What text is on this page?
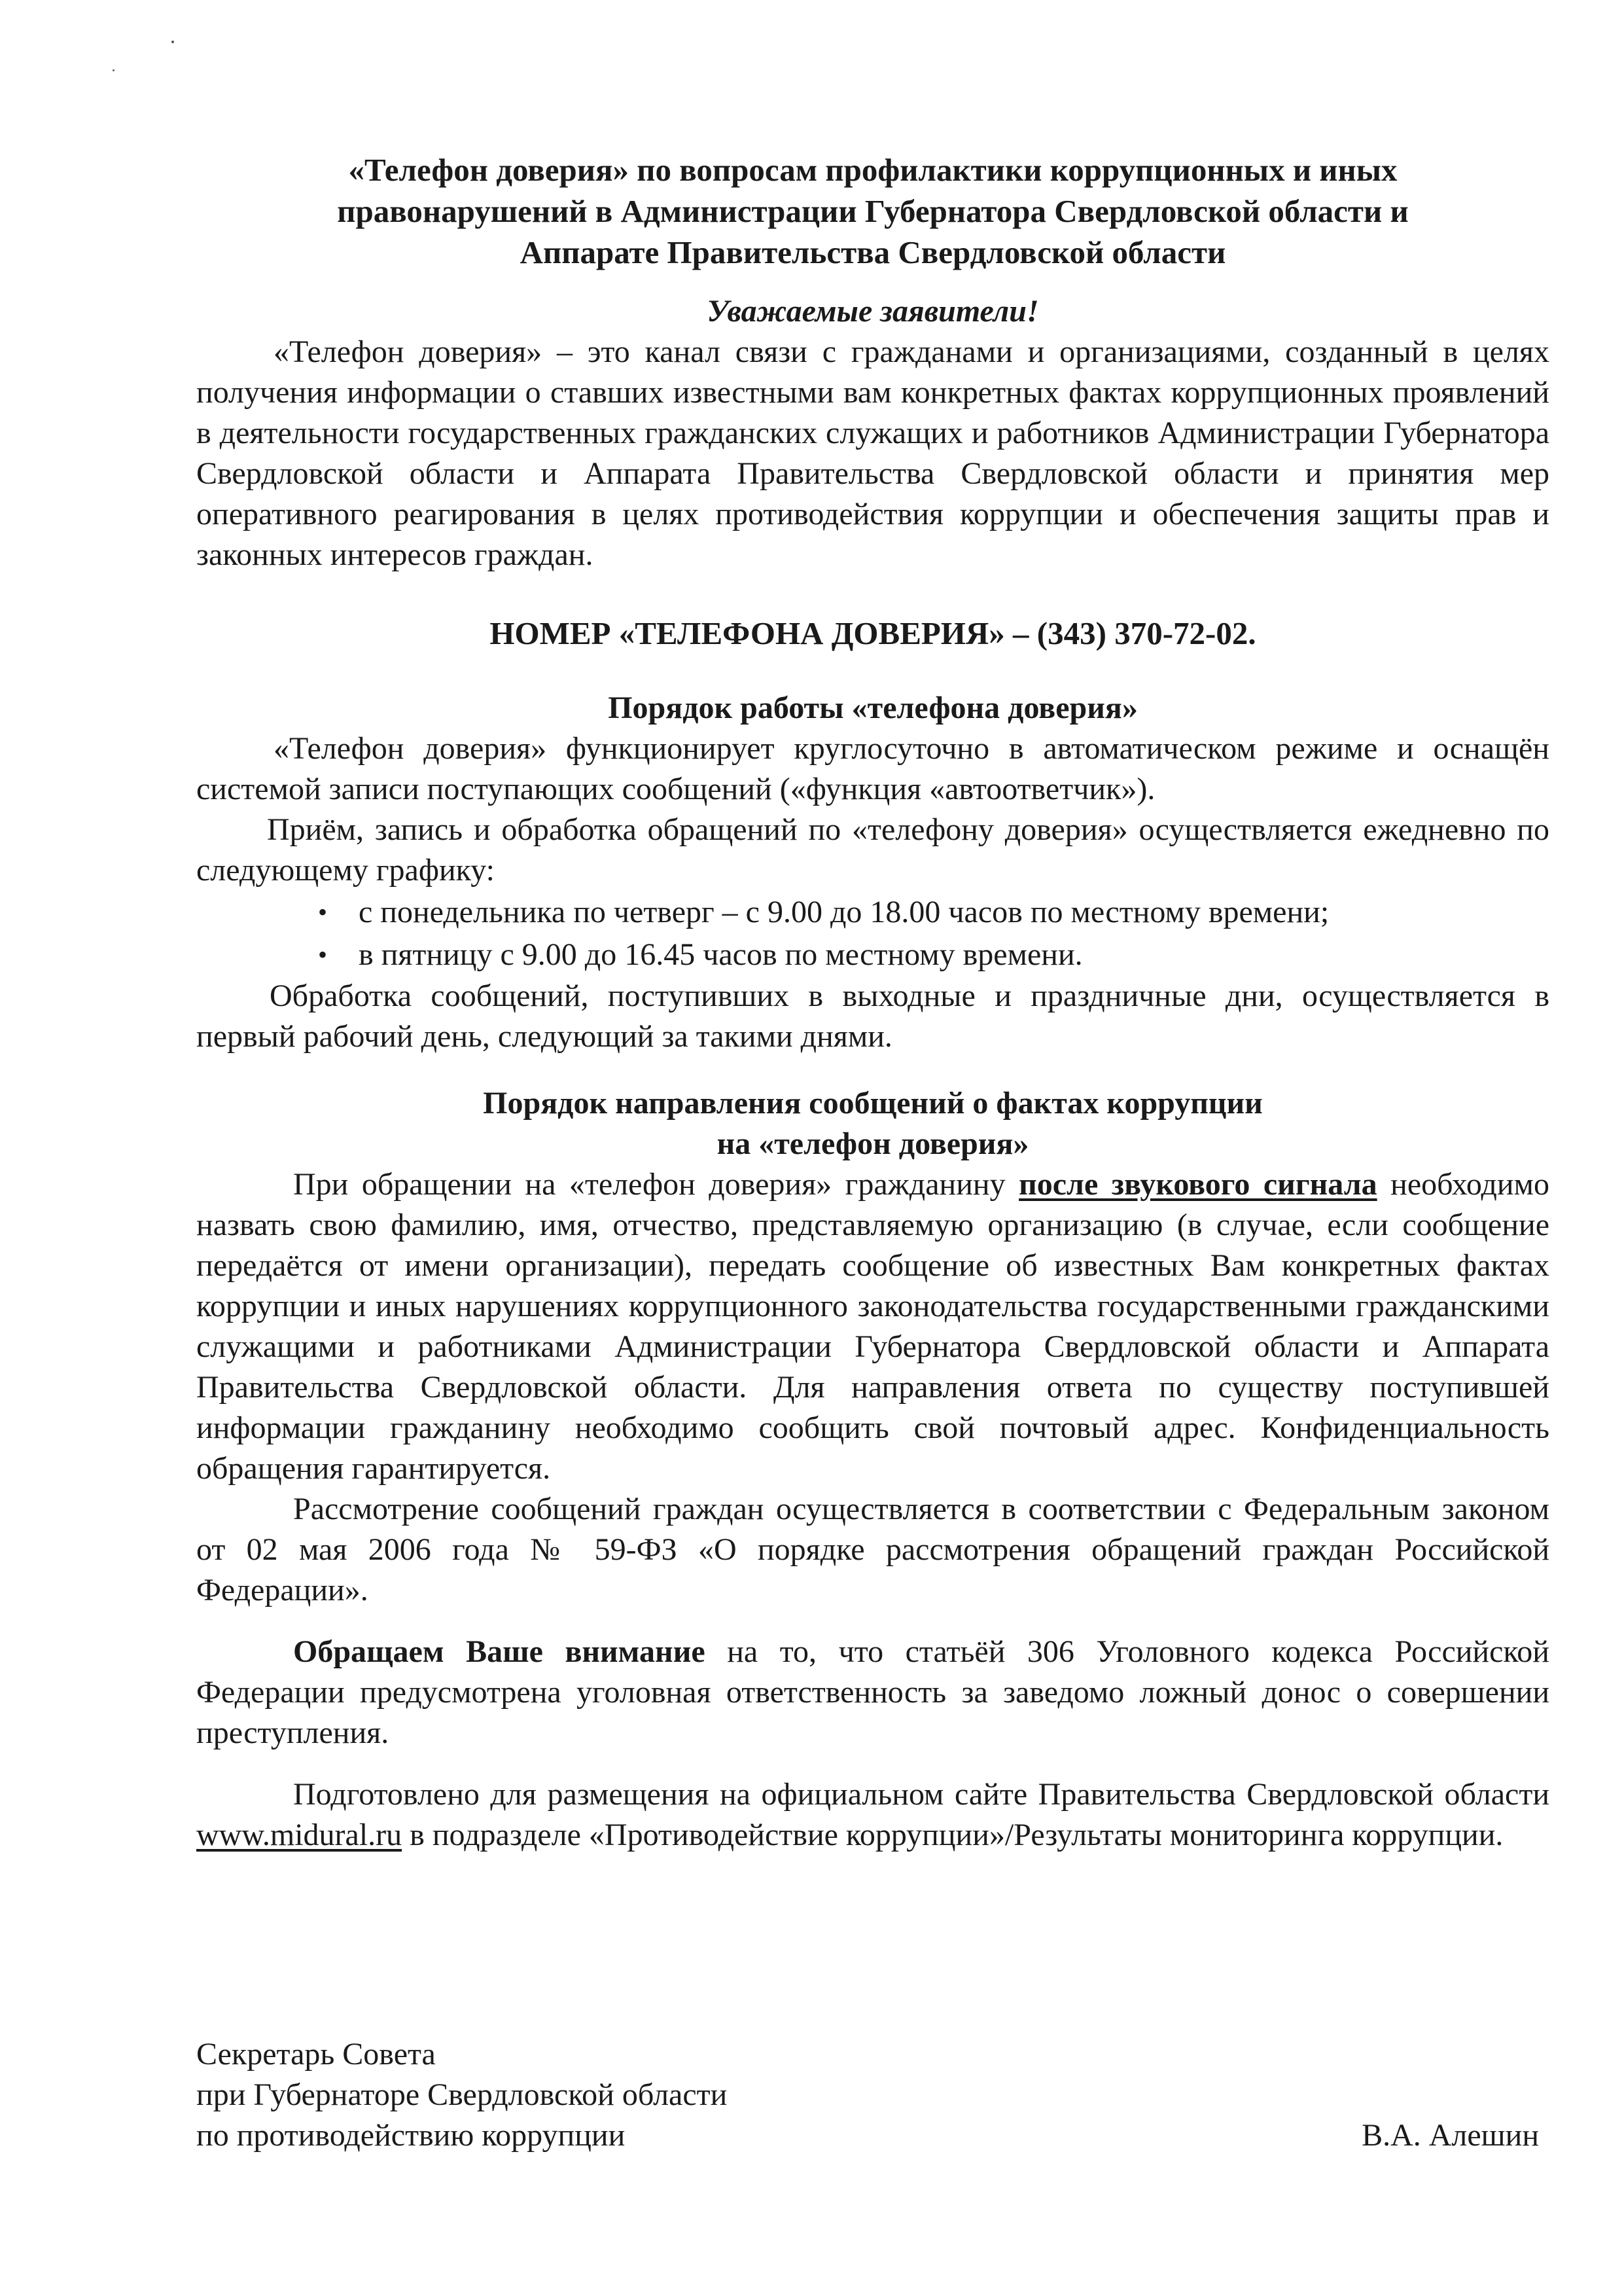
«Телефон доверия» по вопросам профилактики коррупционных и иных
правонарушений в Администрации Губернатора Свердловской области и
Аппарате Правительства Свердловской области

Уважаемые заявители!

«Телефон доверия» – это канал связи с гражданами и организациями, созданный в целях получения информации о ставших известными вам конкретных фактах коррупционных проявлений в деятельности государственных гражданских служащих и работников Администрации Губернатора Свердловской области и Аппарата Правительства Свердловской области и принятия мер оперативного реагирования в целях противодействия коррупции и обеспечения защиты прав и законных интересов граждан.

НОМЕР «ТЕЛЕФОНА ДОВЕРИЯ» – (343) 370-72-02.

Порядок работы «телефона доверия»

«Телефон доверия» функционирует круглосуточно в автоматическом режиме и оснащён системой записи поступающих сообщений («функция «автоответчик»).

Приём, запись и обработка обращений по «телефону доверия» осуществляется ежедневно по следующему графику:

• с понедельника по четверг – с 9.00 до 18.00 часов по местному времени;
• в пятницу с 9.00 до 16.45 часов по местному времени.

Обработка сообщений, поступивших в выходные и праздничные дни, осуществляется в первый рабочий день, следующий за такими днями.

Порядок направления сообщений о фактах коррупции
на «телефон доверия»

При обращении на «телефон доверия» гражданину после звукового сигнала необходимо назвать свою фамилию, имя, отчество, представляемую организацию (в случае, если сообщение передаётся от имени организации), передать сообщение об известных Вам конкретных фактах коррупции и иных нарушениях коррупционного законодательства государственными гражданскими служащими и работниками Администрации Губернатора Свердловской области и Аппарата Правительства Свердловской области. Для направления ответа по существу поступившей информации гражданину необходимо сообщить свой почтовый адрес. Конфиденциальность обращения гарантируется.

Рассмотрение сообщений граждан осуществляется в соответствии с Федеральным законом от 02 мая 2006 года № 59-ФЗ «О порядке рассмотрения обращений граждан Российской Федерации».

Обращаем Ваше внимание на то, что статьёй 306 Уголовного кодекса Российской Федерации предусмотрена уголовная ответственность за заведомо ложный донос о совершении преступления.

Подготовлено для размещения на официальном сайте Правительства Свердловской области www.midural.ru в подразделе «Противодействие коррупции»/Результаты мониторинга коррупции.

Секретарь Совета
при Губернаторе Свердловской области
по противодействию коррупции	В.А. Алешин
